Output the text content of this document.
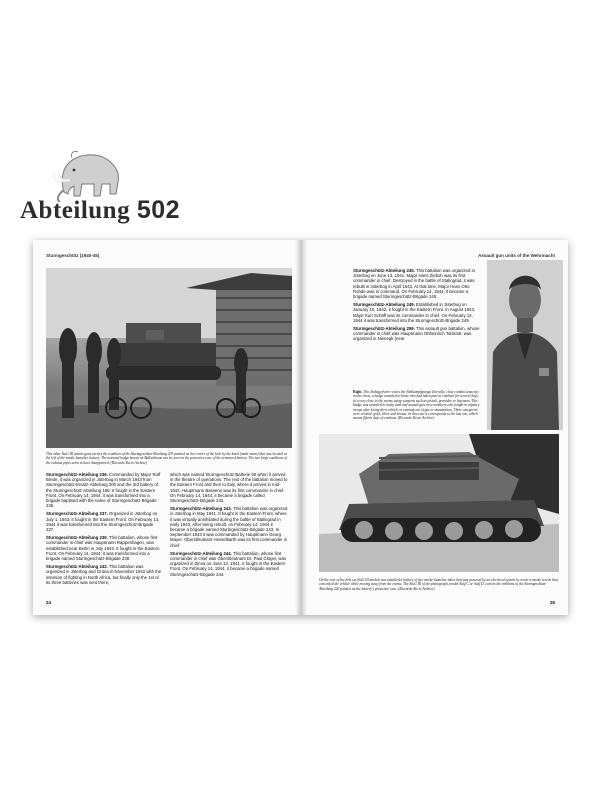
Abteilung 502
Sturmgeschütz (1940-45)
This other StuG III stands guns carries the tradition of the Sturmgeschütz-Abteilung 203 painted on the corner of the hole by the hand (made name) that was located in the left of the smoke launcher battery. The national badge known as Balkenkreuz can be seen on the protective case of the armoured battery. The two large cauldrons of the exhaust pipes seem to have disappeared. (Riccardo Recio Archive)

Sturmgeschütz-Abteilung 236. Commanded by Major Rolf Brede, it was organized in Jüterbog in March 1943 from Sturmgeschütz-Ersatz-Abteilung 300 and the 3rd battery of the Sturmgeschütz-Abteilung 189. It fought in the Eastern Front. On February 14, 1944, it was transformed into a brigade baptised with the name of Sturmgeschütz-Brigade 236.

Sturmgeschütz-Abteilung 237. Organized in Jüterbog on July 1, 1943, it fought in the Eastern Front. On February 14, 1944 it was transformed into the Sturmgeschütz-Brigade 237.

Sturmgeschütz-Abteilung 239. This battalion, whose first commander in chief was Hauptmann Rappenhagen, was established near Berlin in July 1943. It fought in the Eastern Front. On February 14, 1944, it was transformed into a brigade named Sturmgeschütz-Brigade 239.

Sturmgeschütz-Abteilung 242. This battalion was organized in Jüterbog and Grüna in November 1942 with the intention of fighting in North Africa, but finally only the 1st of its three batteries was sent there,

which was named Sturmgeschütz-Batterie 90 when it arrived in the theatre of operations. The rest of the battalion moved to the Eastern Front and then to Italy, where it arrived in mid-1943. Hauptmann Bassenir was its first commander in chief. On February 14, 1944, it became a brigade called Sturmgeschütz-Brigade 242.

Sturmgeschütz-Abteilung 243. This battalion was organized in Jüterbog in May 1941. It fought in the Eastern Front, where it was virtually annihilated during the battle of Stalingrad in early 1943. After being rebuilt, on February 14, 1944 it became a brigade named Sturmgeschütz-Brigade 243. In September 1943 it was commanded by Hauptmann Georg Mayer. Oberstleutnant Hesselbarth was its first commander in chief.

Sturmgeschütz-Abteilung 244. This battalion, whose first commander in chief was Oberstleutnant Dr. Paul Glöger, was organized in Zinna on June 13, 1941. It fought in the Eastern Front. On February 14, 1944, it became a brigade named Sturmgeschütz-Brigade 244.

24
Assault gun units of the Wehrmacht

Sturmgeschütz-Abteilung 245. This battalion was organized in Jüterbog on June 13, 1941. Major Hans Zieboh was its first commander in chief. Destroyed in the battle of Stalingrad, it was rebuilt in Jüterbog in April 1943. At that time, Major Hans Otto Rohde was in command. On February 14, 1944, it became a brigade named Sturmgeschütz-Brigade 245.

Sturmgeschütz-Abteilung 249. Established in Jüterbog on January 10, 1942, it fought in the Eastern Front. In August 1943, Major Kurt Schäff was its commander in chief. On February 14, 1944 it was transformed into the Sturmgeschütz-Brigade 249.

Sturmgeschütz-Abteilung 259. This assault gun battalion, whose commander in chief was Hauptmann Ottheinrich Tolsknitt, was organized in Nienegk (near

Right. This Stabsgefreiter wears the Nahkampfspange (literally, close combat tenacity) on his chest, a badge awarded to those who had taken part in combats for several days in a very close to the enemy using weapons such as pistols, grenades or bayonets. This badge was awarded to many tank and assault gun crew members who fought in infantry troops after losing their vehicle or running out of gas or ammunition. Three categories were created: gold, silver and bronze. In this case it corresponds to the last one, which means fifteen days of combats. (Riccardo Recio Archive)
On the rear of the first six StuG III models was installed a battery of five smoke launcher tubes that was powered by an electrical system to create a smoke screen that concealed the vehicle while moving away from the enemy. The StuG III of the photograph, model Ausf C or Ausf D, carries the emblems of the Sturmgeschütz-Abteilung 226 painted on the battery's protective case. (Riccardo Recio Archive)
25
